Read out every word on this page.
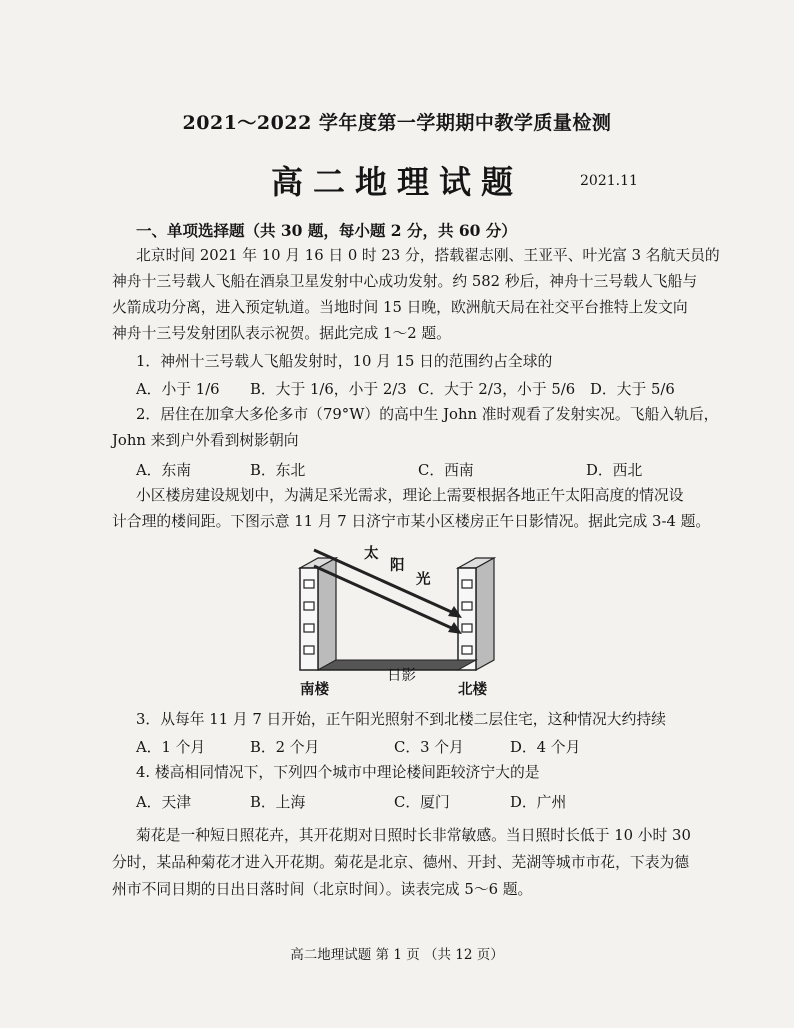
2021～2022 学年度第一学期期中教学质量检测
高二地理试题	2021.11
一、单项选择题（共 30 题，每小题 2 分，共 60 分）
北京时间 2021 年 10 月 16 日 0 时 23 分，搭载翟志刚、王亚平、叶光富 3 名航天员的
神舟十三号载人飞船在酒泉卫星发射中心成功发射。约 582 秒后，神舟十三号载人飞船与
火箭成功分离，进入预定轨道。当地时间 15 日晚，欧洲航天局在社交平台推特上发文向
神舟十三号发射团队表示祝贺。据此完成 1～2 题。
1．神州十三号载人飞船发射时，10 月 15 日的范围约占全球的
A．小于 1/6 B．大于 1/6，小于 2/3 C．大于 2/3，小于 5/6 D．大于 5/6
2．居住在加拿大多伦多市（79°W）的高中生 John 准时观看了发射实况。飞船入轨后，
John 来到户外看到树影朝向
A．东南	B．东北	C．西南	D．西北
小区楼房建设规划中，为满足采光需求，理论上需要根据各地正午太阳高度的情况设
计合理的楼间距。下图示意 11 月 7 日济宁市某小区楼房正午日影情况。据此完成 3-4 题。
太
阳
光
日影
南楼	北楼
3．从每年 11 月 7 日开始，正午阳光照射不到北楼二层住宅，这种情况大约持续
A．1 个月	B．2 个月	C．3 个月	D．4 个月
4. 楼高相同情况下，下列四个城市中理论楼间距较济宁大的是
A．天津	B．上海	C．厦门	D．广州
菊花是一种短日照花卉，其开花期对日照时长非常敏感。当日照时长低于 10 小时 30
分时，某品种菊花才进入开花期。菊花是北京、德州、开封、芜湖等城市市花，下表为德
州市不同日期的日出日落时间（北京时间）。读表完成 5～6 题。
高二地理试题 第 1 页 （共 12 页）
